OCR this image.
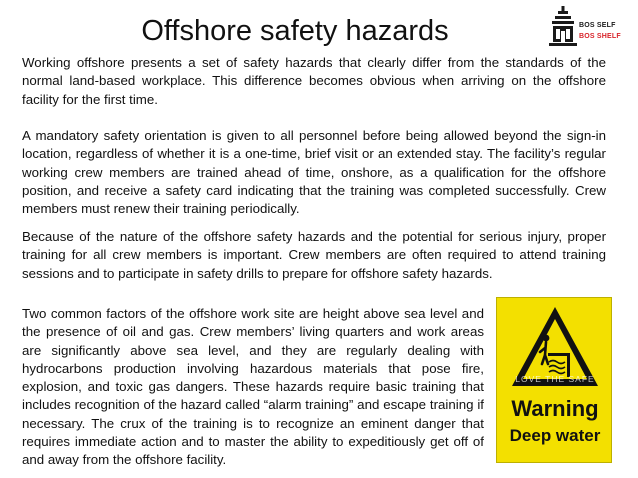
Offshore safety hazards	BOS SELF
BOS SHELF

Working offshore presents a set of safety hazards that clearly differ from the standards of the normal land-based workplace. This difference becomes obvious when arriving on the offshore facility for the first time.

A mandatory safety orientation is given to all personnel before being allowed beyond the sign-in location, regardless of whether it is a one-time, brief visit or an extended stay. The facility’s regular working crew members are trained ahead of time, onshore, as a qualification for the offshore position, and receive a safety card indicating that the training was completed successfully. Crew members must renew their training periodically.

Because of the nature of the offshore safety hazards and the potential for serious injury, proper training for all crew members is important. Crew members are often required to attend training sessions and to participate in safety drills to prepare for offshore safety hazards.

Two common factors of the offshore work site are height above sea level and the presence of oil and gas. Crew members’ living quarters and work areas are significantly above sea level, and they are regularly dealing with hydrocarbons production involving hazardous materials that pose fire, explosion, and toxic gas dangers. These hazards require basic training that includes recognition of the hazard called “alarm training” and escape training if necessary. The crux of the training is to recognize an eminent danger that requires immediate action and to master the ability to expeditiously get off of and away from the offshore facility.

LOVE THE SAFE
Warning
Deep water
